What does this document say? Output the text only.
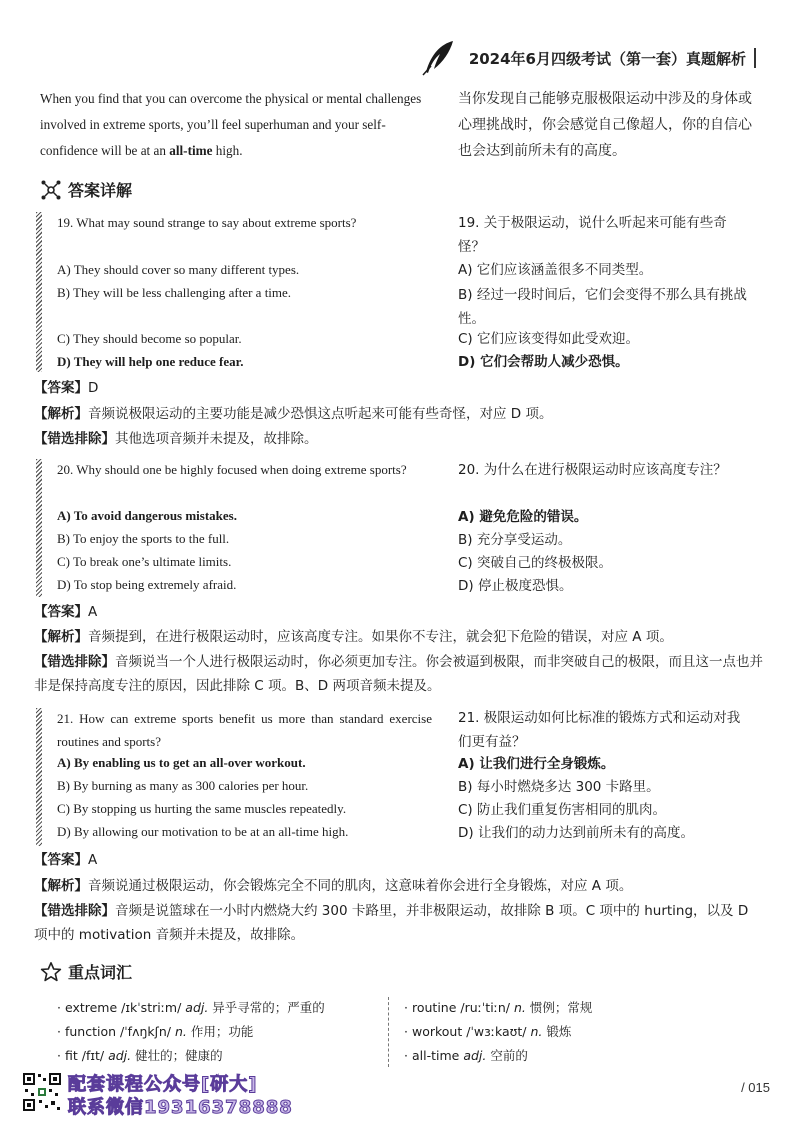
2024年6月四级考试（第一套）真题解析
When you find that you can overcome the physical or mental challenges involved in extreme sports, you’ll feel superhuman and your self-confidence will be at an all-time high.
当你发现自己能够克服极限运动中涉及的身体或心理挑战时，你会感觉自己像超人，你的自信心也会达到前所未有的高度。
答案详解
19. What may sound strange to say about extreme sports?	19. 关于极限运动，说什么听起来可能有些奇怪？
A) They should cover so many different types.
B) They will be less challenging after a time.
C) They should become so popular.
D) They will help one reduce fear.
A) 它们应该涵盖很多不同类型。
B) 经过一段时间后，它们会变得不那么具有挑战性。
C) 它们应该变得如此受欢迎。
D) 它们会帮助人减少恐惧。
【答案】D
【解析】音频说极限运动的主要功能是减少恐惧这点听起来可能有些奇怪，对应 D 项。
【错选排除】其他选项音频并未提及，故排除。
20. Why should one be highly focused when doing extreme sports?	20. 为什么在进行极限运动时应该高度专注？
A) To avoid dangerous mistakes.
B) To enjoy the sports to the full.
C) To break one’s ultimate limits.
D) To stop being extremely afraid.
A) 避免危险的错误。
B) 充分享受运动。
C) 突破自己的终极极限。
D) 停止极度恐惧。
【答案】A
【解析】音频提到，在进行极限运动时，应该高度专注。如果你不专注，就会犯下危险的错误，对应 A 项。
【错选排除】音频说当一个人进行极限运动时，你必须更加专注。你会被逼到极限，而非突破自己的极限，而且这一点也并非是保持高度专注的原因，因此排除 C 项。B、D 两项音频未提及。
21. How can extreme sports benefit us more than standard exercise routines and sports?
21. 极限运动如何比标准的锻炼方式和运动对我们更有益？
A) By enabling us to get an all-over workout.
B) By burning as many as 300 calories per hour.
C) By stopping us hurting the same muscles repeatedly.
D) By allowing our motivation to be at an all-time high.
A) 让我们进行全身锻炼。
B) 每小时燃烧多达 300 卡路里。
C) 防止我们重复伤害相同的肌肉。
D) 让我们的动力达到前所未有的高度。
【答案】A
【解析】音频说通过极限运动，你会锻炼完全不同的肌肉，这意味着你会进行全身锻炼，对应 A 项。
【错选排除】音频是说篮球在一小时内燃烧大约 300 卡路里，并非极限运动，故排除 B 项。C 项中的 hurting，以及 D 项中的 motivation 音频并未提及，故排除。
重点词汇
· extreme /ɪkˈstriːm/ adj. 异乎寻常的；严重的
· function /ˈfʌŋkʃn/ n. 作用；功能
· fit /fɪt/ adj. 健壮的；健康的
· routine /ruːˈtiːn/ n. 惯例；常规
· workout /ˈwɜːkaʊt/ n. 锻炼
· all-time adj. 空前的
配套课程公众号[研大]
联系微信19316378888
/ 015
